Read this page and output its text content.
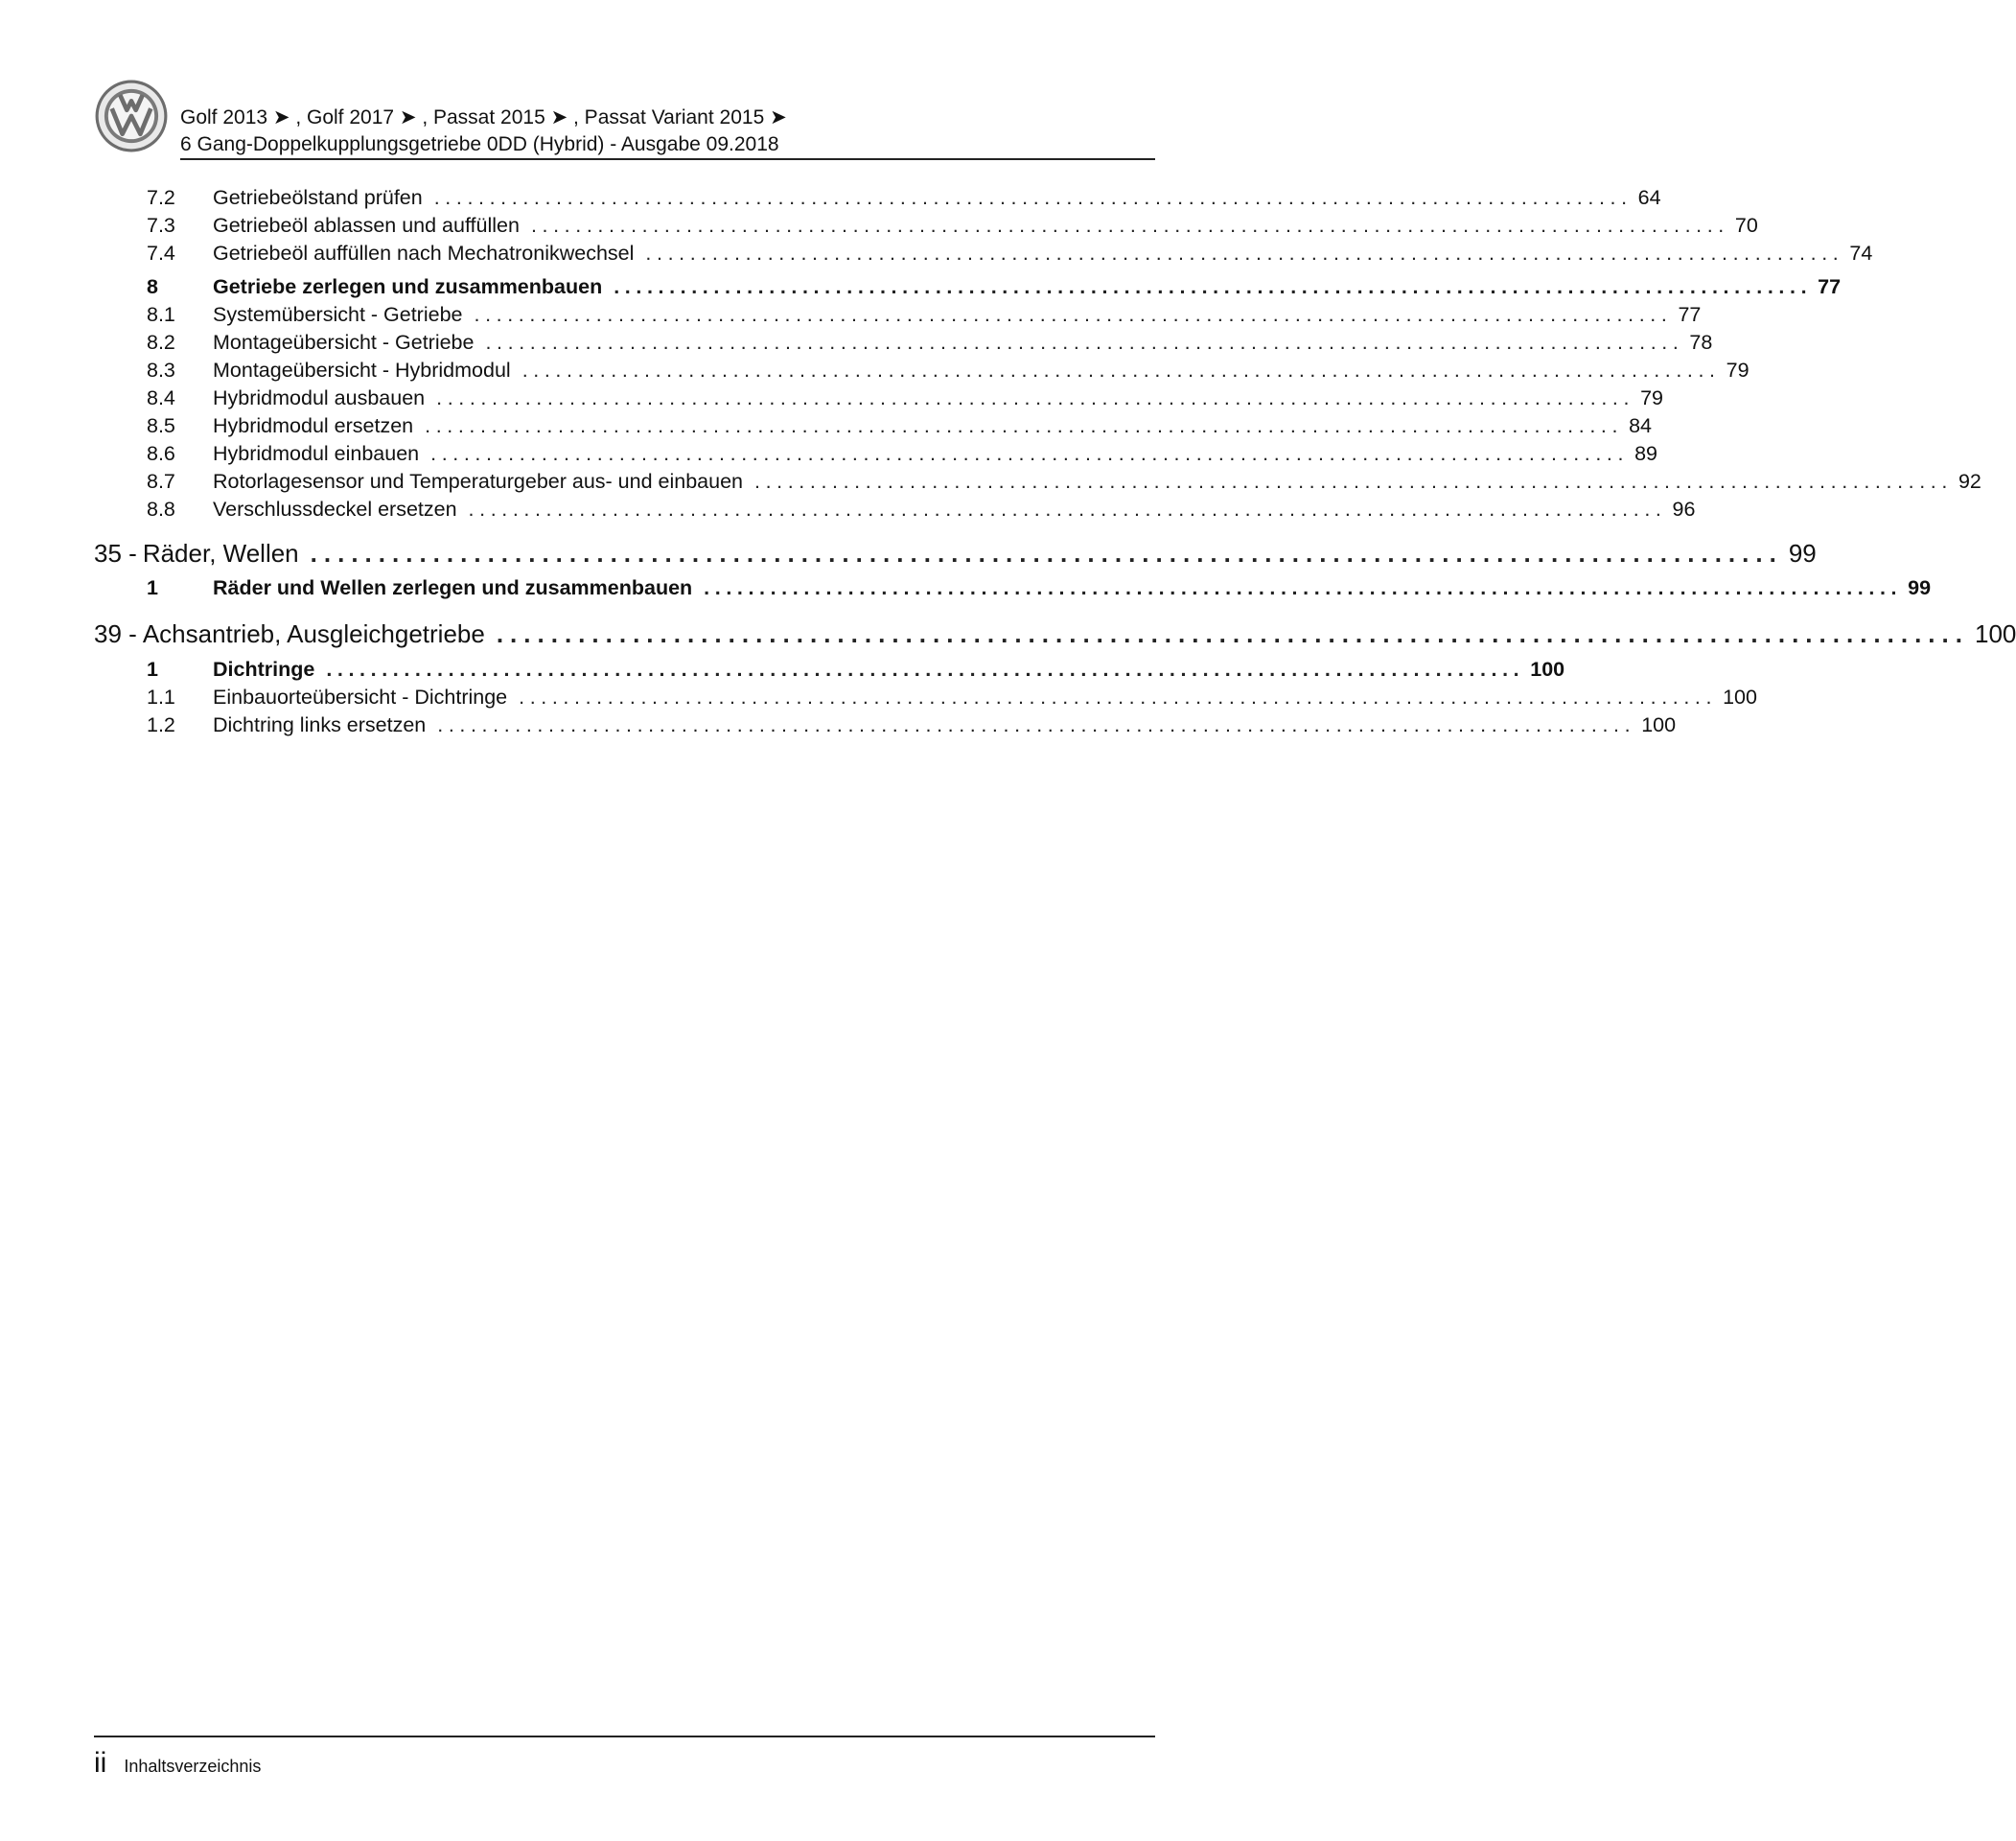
Golf 2013 ➤ , Golf 2017 ➤ , Passat 2015 ➤ , Passat Variant 2015 ➤
6 Gang-Doppelkupplungsgetriebe 0DD (Hybrid) - Ausgabe 09.2018
7.2	Getriebeölstand prüfen ............................................................................................................ 64
7.3	Getriebeöl ablassen und auffüllen ............................................................................................................ 70
7.4	Getriebeöl auffüllen nach Mechatronikwechsel ............................................................................................................ 74
8	Getriebe zerlegen und zusammenbauen ............................................................................................................ 77
8.1	Systemübersicht - Getriebe ............................................................................................................ 77
8.2	Montageübersicht - Getriebe ............................................................................................................ 78
8.3	Montageübersicht - Hybridmodul ............................................................................................................ 79
8.4	Hybridmodul ausbauen ............................................................................................................ 79
8.5	Hybridmodul ersetzen ............................................................................................................ 84
8.6	Hybridmodul einbauen ............................................................................................................ 89
8.7	Rotorlagesensor und Temperaturgeber aus- und einbauen ............................................................................................................ 92
8.8	Verschlussdeckel ersetzen ............................................................................................................ 96
35 - Räder, Wellen ............................................................................................................ 99
1	Räder und Wellen zerlegen und zusammenbauen ............................................................................................................ 99
39 - Achsantrieb, Ausgleichgetriebe ............................................................................................................ 100
1	Dichtringe ............................................................................................................ 100
1.1	Einbauorteübersicht - Dichtringe ............................................................................................................ 100
1.2	Dichtring links ersetzen ............................................................................................................ 100
ii Inhaltsverzeichnis
